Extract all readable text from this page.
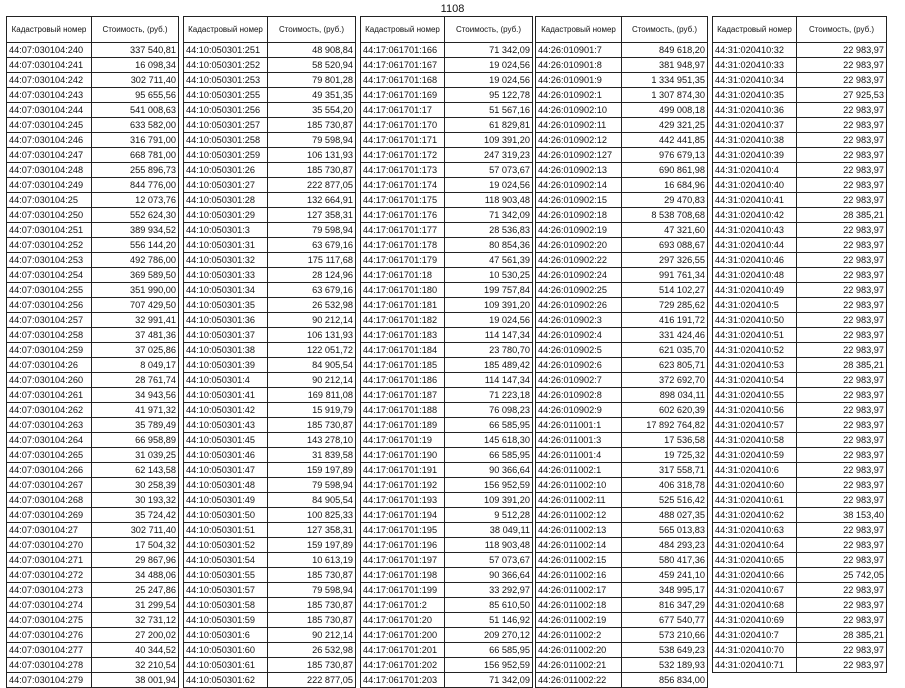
1108
Кадастровый номер	Стоимость, (руб.)
44:07:030104:240	337 540,81
44:07:030104:241	16 098,34
44:07:030104:242	302 711,40
44:07:030104:243	95 655,56
44:07:030104:244	541 008,63
44:07:030104:245	633 582,00
44:07:030104:246	316 791,00
44:07:030104:247	668 781,00
44:07:030104:248	255 896,73
44:07:030104:249	844 776,00
44:07:030104:25	12 073,76
44:07:030104:250	552 624,30
44:07:030104:251	389 934,52
44:07:030104:252	556 144,20
44:07:030104:253	492 786,00
44:07:030104:254	369 589,50
44:07:030104:255	351 990,00
44:07:030104:256	707 429,50
44:07:030104:257	32 991,41
44:07:030104:258	37 481,36
44:07:030104:259	37 025,86
44:07:030104:26	8 049,17
44:07:030104:260	28 761,74
44:07:030104:261	34 943,56
44:07:030104:262	41 971,32
44:07:030104:263	35 789,49
44:07:030104:264	66 958,89
44:07:030104:265	31 039,25
44:07:030104:266	62 143,58
44:07:030104:267	30 258,39
44:07:030104:268	30 193,32
44:07:030104:269	35 724,42
44:07:030104:27	302 711,40
44:07:030104:270	17 504,32
44:07:030104:271	29 867,96
44:07:030104:272	34 488,06
44:07:030104:273	25 247,86
44:07:030104:274	31 299,54
44:07:030104:275	32 731,12
44:07:030104:276	27 200,02
44:07:030104:277	40 344,52
44:07:030104:278	32 210,54
44:07:030104:279	38 001,94
Кадастровый номер	Стоимость, (руб.)
44:10:050301:251	48 908,84
44:10:050301:252	58 520,94
44:10:050301:253	79 801,28
44:10:050301:255	49 351,35
44:10:050301:256	35 554,20
44:10:050301:257	185 730,87
44:10:050301:258	79 598,94
44:10:050301:259	106 131,93
44:10:050301:26	185 730,87
44:10:050301:27	222 877,05
44:10:050301:28	132 664,91
44:10:050301:29	127 358,31
44:10:050301:3	79 598,94
44:10:050301:31	63 679,16
44:10:050301:32	175 117,68
44:10:050301:33	28 124,96
44:10:050301:34	63 679,16
44:10:050301:35	26 532,98
44:10:050301:36	90 212,14
44:10:050301:37	106 131,93
44:10:050301:38	122 051,72
44:10:050301:39	84 905,54
44:10:050301:4	90 212,14
44:10:050301:41	169 811,08
44:10:050301:42	15 919,79
44:10:050301:43	185 730,87
44:10:050301:45	143 278,10
44:10:050301:46	31 839,58
44:10:050301:47	159 197,89
44:10:050301:48	79 598,94
44:10:050301:49	84 905,54
44:10:050301:50	100 825,33
44:10:050301:51	127 358,31
44:10:050301:52	159 197,89
44:10:050301:54	10 613,19
44:10:050301:55	185 730,87
44:10:050301:57	79 598,94
44:10:050301:58	185 730,87
44:10:050301:59	185 730,87
44:10:050301:6	90 212,14
44:10:050301:60	26 532,98
44:10:050301:61	185 730,87
44:10:050301:62	222 877,05
Кадастровый номер	Стоимость, (руб.)
44:17:061701:166	71 342,09
44:17:061701:167	19 024,56
44:17:061701:168	19 024,56
44:17:061701:169	95 122,78
44:17:061701:17	51 567,16
44:17:061701:170	61 829,81
44:17:061701:171	109 391,20
44:17:061701:172	247 319,23
44:17:061701:173	57 073,67
44:17:061701:174	19 024,56
44:17:061701:175	118 903,48
44:17:061701:176	71 342,09
44:17:061701:177	28 536,83
44:17:061701:178	80 854,36
44:17:061701:179	47 561,39
44:17:061701:18	10 530,25
44:17:061701:180	199 757,84
44:17:061701:181	109 391,20
44:17:061701:182	19 024,56
44:17:061701:183	114 147,34
44:17:061701:184	23 780,70
44:17:061701:185	185 489,42
44:17:061701:186	114 147,34
44:17:061701:187	71 223,18
44:17:061701:188	76 098,23
44:17:061701:189	66 585,95
44:17:061701:19	145 618,30
44:17:061701:190	66 585,95
44:17:061701:191	90 366,64
44:17:061701:192	156 952,59
44:17:061701:193	109 391,20
44:17:061701:194	9 512,28
44:17:061701:195	38 049,11
44:17:061701:196	118 903,48
44:17:061701:197	57 073,67
44:17:061701:198	90 366,64
44:17:061701:199	33 292,97
44:17:061701:2	85 610,50
44:17:061701:20	51 146,92
44:17:061701:200	209 270,12
44:17:061701:201	66 585,95
44:17:061701:202	156 952,59
44:17:061701:203	71 342,09
Кадастровый номер	Стоимость, (руб.)
44:26:010901:7	849 618,20
44:26:010901:8	381 948,97
44:26:010901:9	1 334 951,35
44:26:010902:1	1 307 874,30
44:26:010902:10	499 008,18
44:26:010902:11	429 321,25
44:26:010902:12	442 441,85
44:26:010902:127	976 679,13
44:26:010902:13	690 861,98
44:26:010902:14	16 684,96
44:26:010902:15	29 470,83
44:26:010902:18	8 538 708,68
44:26:010902:19	47 321,60
44:26:010902:20	693 088,67
44:26:010902:22	297 326,55
44:26:010902:24	991 761,34
44:26:010902:25	514 102,27
44:26:010902:26	729 285,62
44:26:010902:3	416 191,72
44:26:010902:4	331 424,46
44:26:010902:5	621 035,70
44:26:010902:6	623 805,71
44:26:010902:7	372 692,70
44:26:010902:8	898 034,11
44:26:010902:9	602 620,39
44:26:011001:1	17 892 764,82
44:26:011001:3	17 536,58
44:26:011001:4	19 725,32
44:26:011002:1	317 558,71
44:26:011002:10	406 318,78
44:26:011002:11	525 516,42
44:26:011002:12	488 027,35
44:26:011002:13	565 013,83
44:26:011002:14	484 293,23
44:26:011002:15	580 417,36
44:26:011002:16	459 241,10
44:26:011002:17	348 995,17
44:26:011002:18	816 347,29
44:26:011002:19	677 540,77
44:26:011002:2	573 210,66
44:26:011002:20	538 649,23
44:26:011002:21	532 189,93
44:26:011002:22	856 834,00
Кадастровый номер	Стоимость, (руб.)
44:31:020410:32	22 983,97
44:31:020410:33	22 983,97
44:31:020410:34	22 983,97
44:31:020410:35	27 925,53
44:31:020410:36	22 983,97
44:31:020410:37	22 983,97
44:31:020410:38	22 983,97
44:31:020410:39	22 983,97
44:31:020410:4	22 983,97
44:31:020410:40	22 983,97
44:31:020410:41	22 983,97
44:31:020410:42	28 385,21
44:31:020410:43	22 983,97
44:31:020410:44	22 983,97
44:31:020410:46	22 983,97
44:31:020410:48	22 983,97
44:31:020410:49	22 983,97
44:31:020410:5	22 983,97
44:31:020410:50	22 983,97
44:31:020410:51	22 983,97
44:31:020410:52	22 983,97
44:31:020410:53	28 385,21
44:31:020410:54	22 983,97
44:31:020410:55	22 983,97
44:31:020410:56	22 983,97
44:31:020410:57	22 983,97
44:31:020410:58	22 983,97
44:31:020410:59	22 983,97
44:31:020410:6	22 983,97
44:31:020410:60	22 983,97
44:31:020410:61	22 983,97
44:31:020410:62	38 153,40
44:31:020410:63	22 983,97
44:31:020410:64	22 983,97
44:31:020410:65	22 983,97
44:31:020410:66	25 742,05
44:31:020410:67	22 983,97
44:31:020410:68	22 983,97
44:31:020410:69	22 983,97
44:31:020410:7	28 385,21
44:31:020410:70	22 983,97
44:31:020410:71	22 983,97
